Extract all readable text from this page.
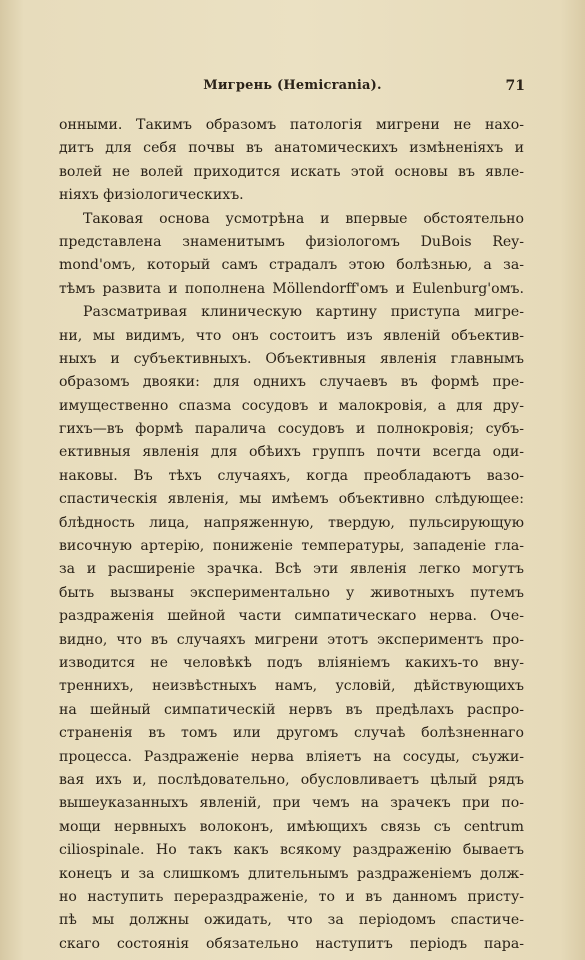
Мигрень (Hemicrania).	71
онными. Такимъ образомъ патологія мигрени не нахо-
дитъ для себя почвы въ анатомическихъ измѣненіяхъ и
волей не волей приходится искать этой основы въ явле-
ніяхъ физіологическихъ.
Таковая основа усмотрѣна и впервые обстоятельно
представлена знаменитымъ физіологомъ DuBois Rey-
mond'омъ, который самъ страдалъ этою болѣзнью, а за-
тѣмъ развита и пополнена Möllendorff'омъ и Eulenburg'омъ.
Разсматривая клиническую картину приступа мигре-
ни, мы видимъ, что онъ состоитъ изъ явленій объектив-
ныхъ и субъективныхъ. Объективныя явленія главнымъ
образомъ двояки: для однихъ случаевъ въ формѣ пре-
имущественно спазма сосудовъ и малокровія, а для дру-
гихъ—въ формѣ паралича сосудовъ и полнокровія; субъ-
ективныя явленія для обѣихъ группъ почти всегда оди-
наковы. Въ тѣхъ случаяхъ, когда преобладаютъ вазо-
спастическія явленія, мы имѣемъ объективно слѣдующее:
блѣдность лица, напряженную, твердую, пульсирующую
височную артерію, пониженіе температуры, западеніе гла-
за и расширеніе зрачка. Всѣ эти явленія легко могутъ
быть вызваны экспериментально у животныхъ путемъ
раздраженія шейной части симпатическаго нерва. Оче-
видно, что въ случаяхъ мигрени этотъ экспериментъ про-
изводится не человѣкѣ подъ вліяніемъ какихъ-то вну-
треннихъ, неизвѣстныхъ намъ, условій, дѣйствующихъ
на шейный симпатическій нервъ въ предѣлахъ распро-
страненія въ томъ или другомъ случаѣ болѣзненнаго
процесса. Раздраженіе нерва вліяетъ на сосуды, съужи-
вая ихъ и, послѣдовательно, обусловливаетъ цѣлый рядъ
вышеуказанныхъ явленій, при чемъ на зрачекъ при по-
мощи нервныхъ волоконъ, имѣющихъ связь съ centrum
ciliospinale. Но такъ какъ всякому раздраженію бываетъ
конецъ и за слишкомъ длительнымъ раздраженіемъ долж-
но наступить перераздраженіе, то и въ данномъ присту-
пѣ мы должны ожидать, что за періодомъ спастиче-
скаго состоянія обязательно наступитъ періодъ пара-
